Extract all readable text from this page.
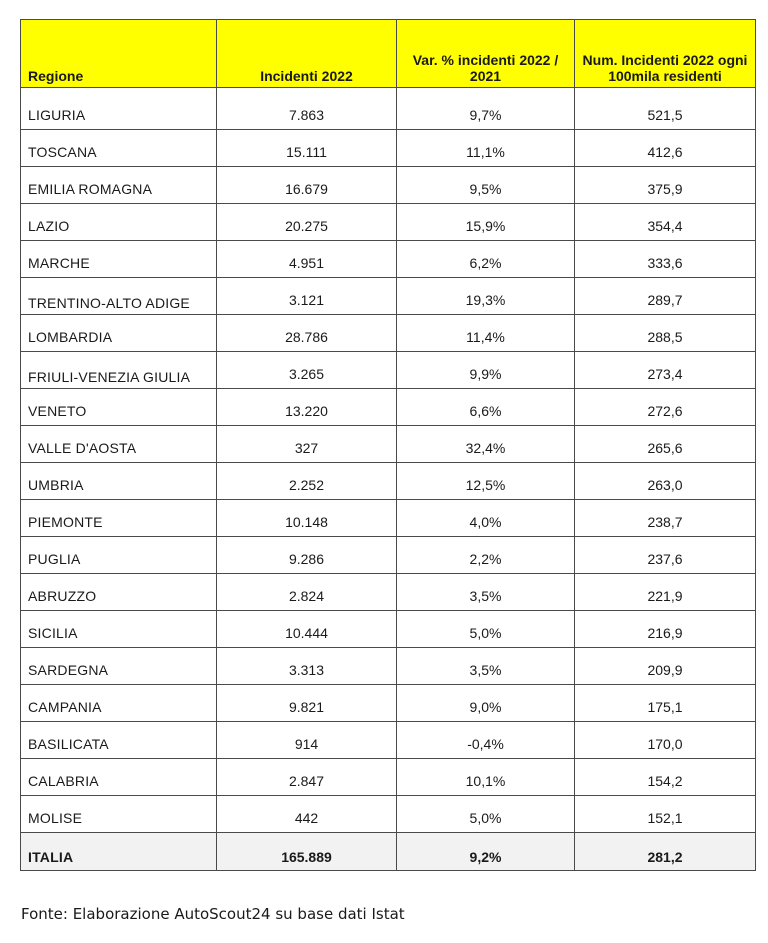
Regione	Incidenti 2022	Var. % incidenti 2022 / 2021	Num. Incidenti 2022 ogni 100mila residenti
LIGURIA	7.863	9,7%	521,5
TOSCANA	15.111	11,1%	412,6
EMILIA ROMAGNA	16.679	9,5%	375,9
LAZIO	20.275	15,9%	354,4
MARCHE	4.951	6,2%	333,6
TRENTINO-ALTO ADIGE	3.121	19,3%	289,7
LOMBARDIA	28.786	11,4%	288,5
FRIULI-VENEZIA GIULIA	3.265	9,9%	273,4
VENETO	13.220	6,6%	272,6
VALLE D'AOSTA	327	32,4%	265,6
UMBRIA	2.252	12,5%	263,0
PIEMONTE	10.148	4,0%	238,7
PUGLIA	9.286	2,2%	237,6
ABRUZZO	2.824	3,5%	221,9
SICILIA	10.444	5,0%	216,9
SARDEGNA	3.313	3,5%	209,9
CAMPANIA	9.821	9,0%	175,1
BASILICATA	914	-0,4%	170,0
CALABRIA	2.847	10,1%	154,2
MOLISE	442	5,0%	152,1
ITALIA	165.889	9,2%	281,2
Fonte: Elaborazione AutoScout24 su base dati Istat
